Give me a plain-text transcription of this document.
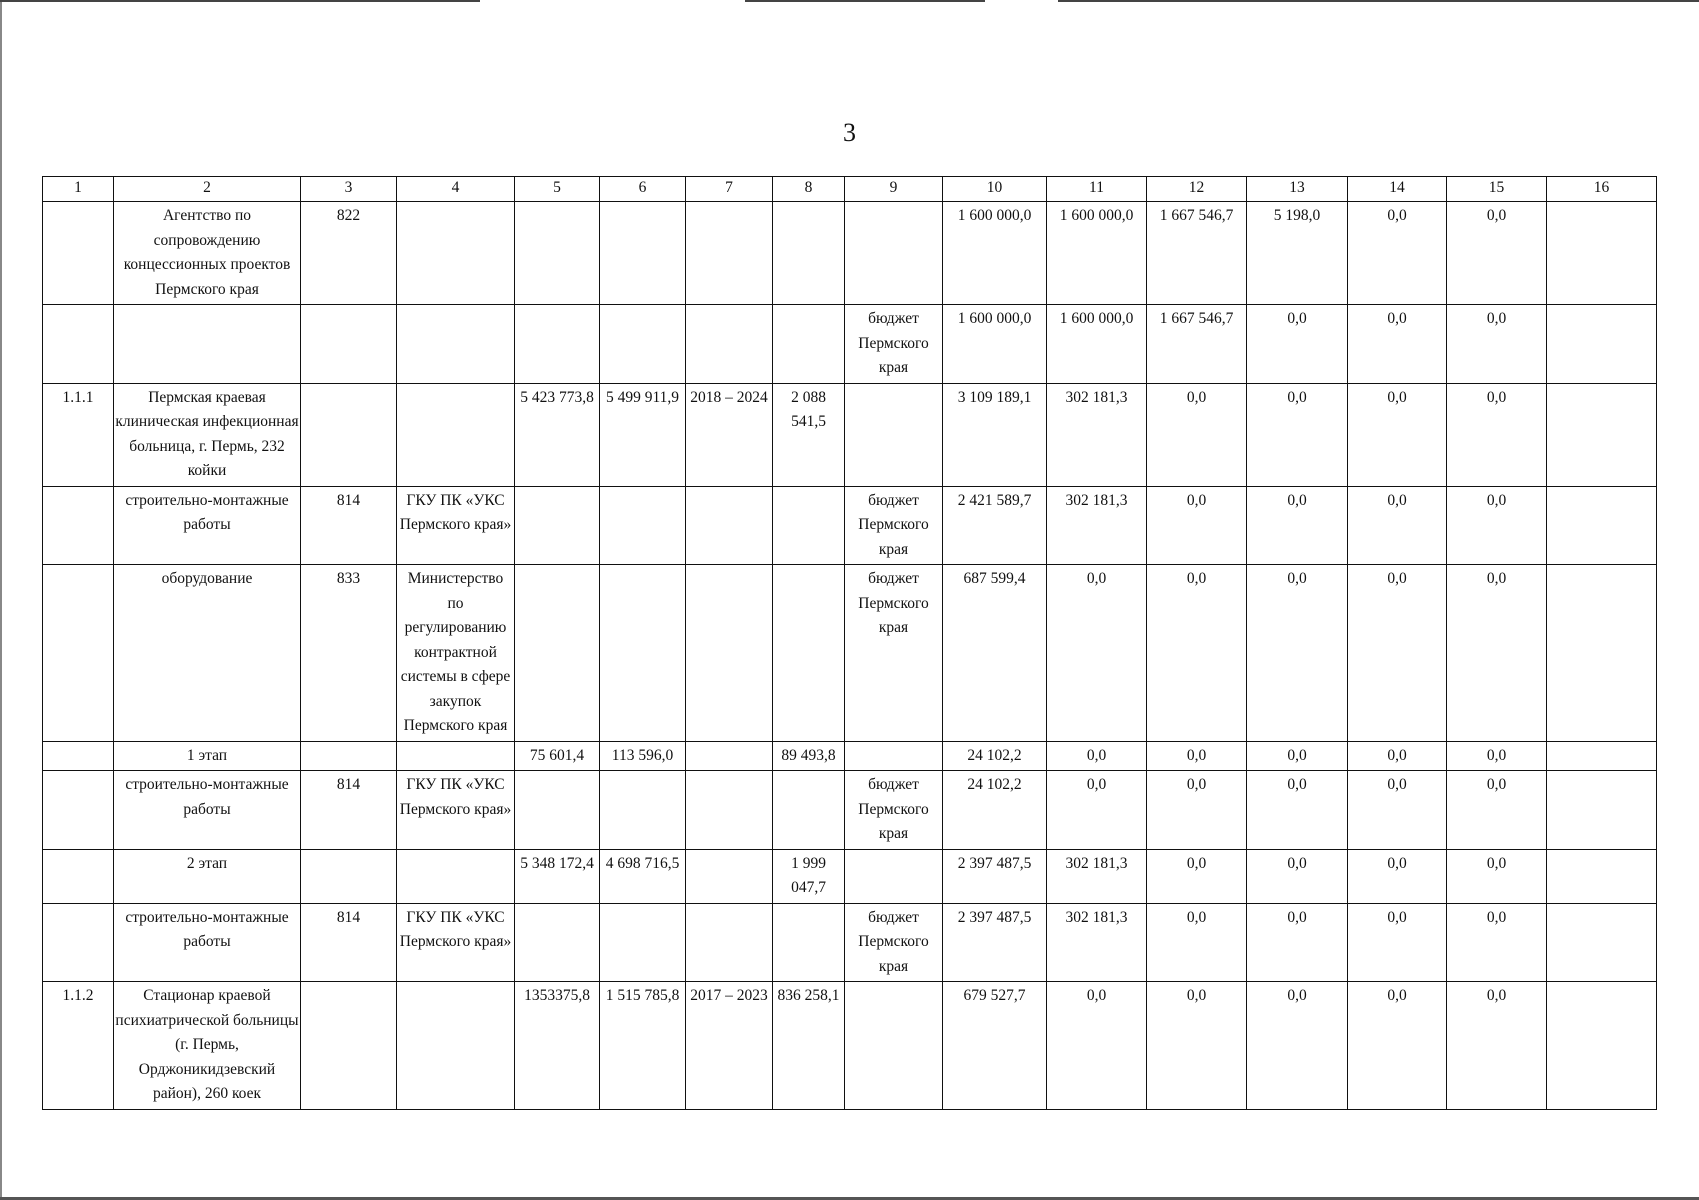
3
1	2	3	4	5	6	7	8	9	10	11	12	13	14	15	16
	Агентство по сопровождению концессионных проектов Пермского края	822							1 600 000,0	1 600 000,0	1 667 546,7	5 198,0	0,0	0,0	
								бюджет Пермского края	1 600 000,0	1 600 000,0	1 667 546,7	0,0	0,0	0,0	
1.1.1	Пермская краевая клиническая инфекционная больница, г. Пермь, 232 койки			5 423 773,8	5 499 911,9	2018 – 2024	2 088 541,5		3 109 189,1	302 181,3	0,0	0,0	0,0	0,0	
	строительно-монтажные работы	814	ГКУ ПК «УКС Пермского края»					бюджет Пермского края	2 421 589,7	302 181,3	0,0	0,0	0,0	0,0	
	оборудование	833	Министерство по регулированию контрактной системы в сфере закупок Пермского края					бюджет Пермского края	687 599,4	0,0	0,0	0,0	0,0	0,0	
	1 этап			75 601,4	113 596,0		89 493,8		24 102,2	0,0	0,0	0,0	0,0	0,0	
	строительно-монтажные работы	814	ГКУ ПК «УКС Пермского края»					бюджет Пермского края	24 102,2	0,0	0,0	0,0	0,0	0,0	
	2 этап			5 348 172,4	4 698 716,5		1 999 047,7		2 397 487,5	302 181,3	0,0	0,0	0,0	0,0	
	строительно-монтажные работы	814	ГКУ ПК «УКС Пермского края»					бюджет Пермского края	2 397 487,5	302 181,3	0,0	0,0	0,0	0,0	
1.1.2	Стационар краевой психиатрической больницы (г. Пермь, Орджоникидзевский район), 260 коек			1353375,8	1 515 785,8	2017 – 2023	836 258,1		679 527,7	0,0	0,0	0,0	0,0	0,0	
